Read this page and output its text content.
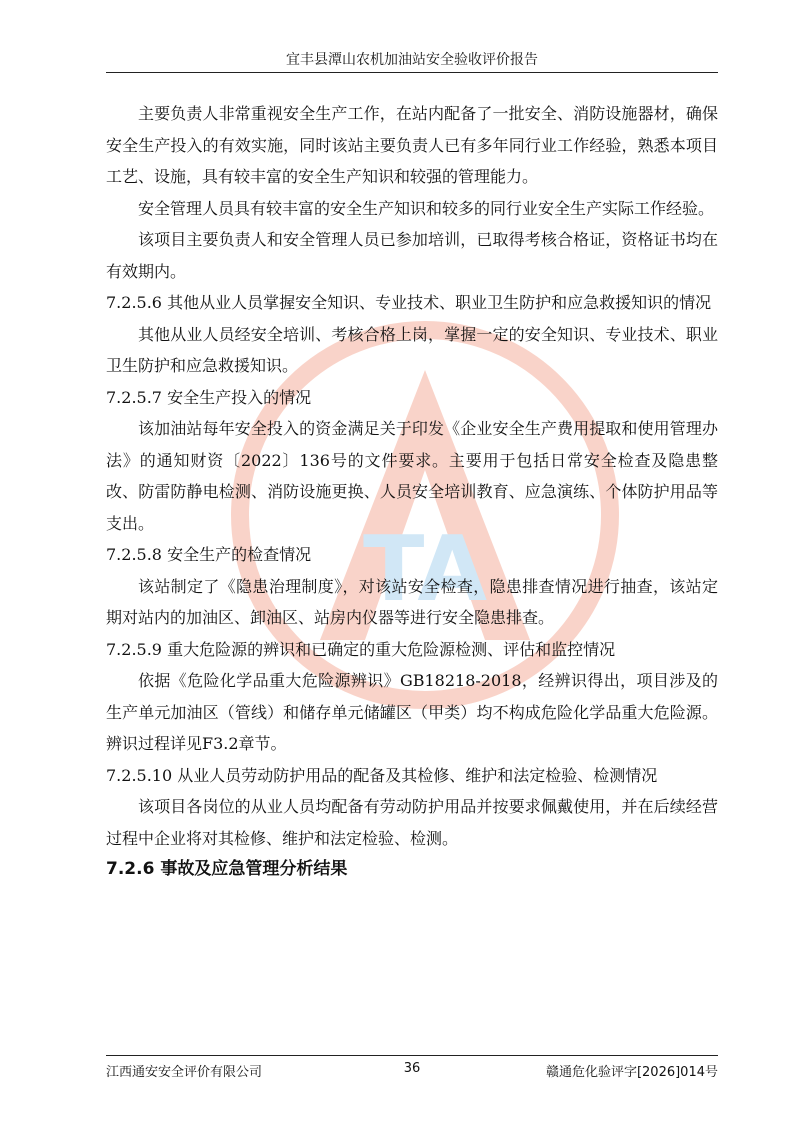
宜丰县潭山农机加油站安全验收评价报告
TA

主要负责人非常重视安全生产工作，在站内配备了一批安全、消防设施器材，确保安全生产投入的有效实施，同时该站主要负责人已有多年同行业工作经验，熟悉本项目工艺、设施，具有较丰富的安全生产知识和较强的管理能力。

安全管理人员具有较丰富的安全生产知识和较多的同行业安全生产实际工作经验。

该项目主要负责人和安全管理人员已参加培训，已取得考核合格证，资格证书均在有效期内。

7.2.5.6 其他从业人员掌握安全知识、专业技术、职业卫生防护和应急救援知识的情况

其他从业人员经安全培训、考核合格上岗，掌握一定的安全知识、专业技术、职业卫生防护和应急救援知识。

7.2.5.7 安全生产投入的情况

该加油站每年安全投入的资金满足关于印发《企业安全生产费用提取和使用管理办法》的通知财资〔2022〕136号的文件要求。主要用于包括日常安全检查及隐患整改、防雷防静电检测、消防设施更换、人员安全培训教育、应急演练、个体防护用品等支出。

7.2.5.8 安全生产的检查情况

该站制定了《隐患治理制度》，对该站安全检查，隐患排查情况进行抽查，该站定期对站内的加油区、卸油区、站房内仪器等进行安全隐患排查。

7.2.5.9 重大危险源的辨识和已确定的重大危险源检测、评估和监控情况

依据《危险化学品重大危险源辨识》GB18218-2018，经辨识得出，项目涉及的生产单元加油区（管线）和储存单元储罐区（甲类）均不构成危险化学品重大危险源。辨识过程详见F3.2章节。

7.2.5.10 从业人员劳动防护用品的配备及其检修、维护和法定检验、检测情况

该项目各岗位的从业人员均配备有劳动防护用品并按要求佩戴使用，并在后续经营过程中企业将对其检修、维护和法定检验、检测。

7.2.6 事故及应急管理分析结果
江西通安安全评价有限公司	36	赣通危化验评字[2026]014号
